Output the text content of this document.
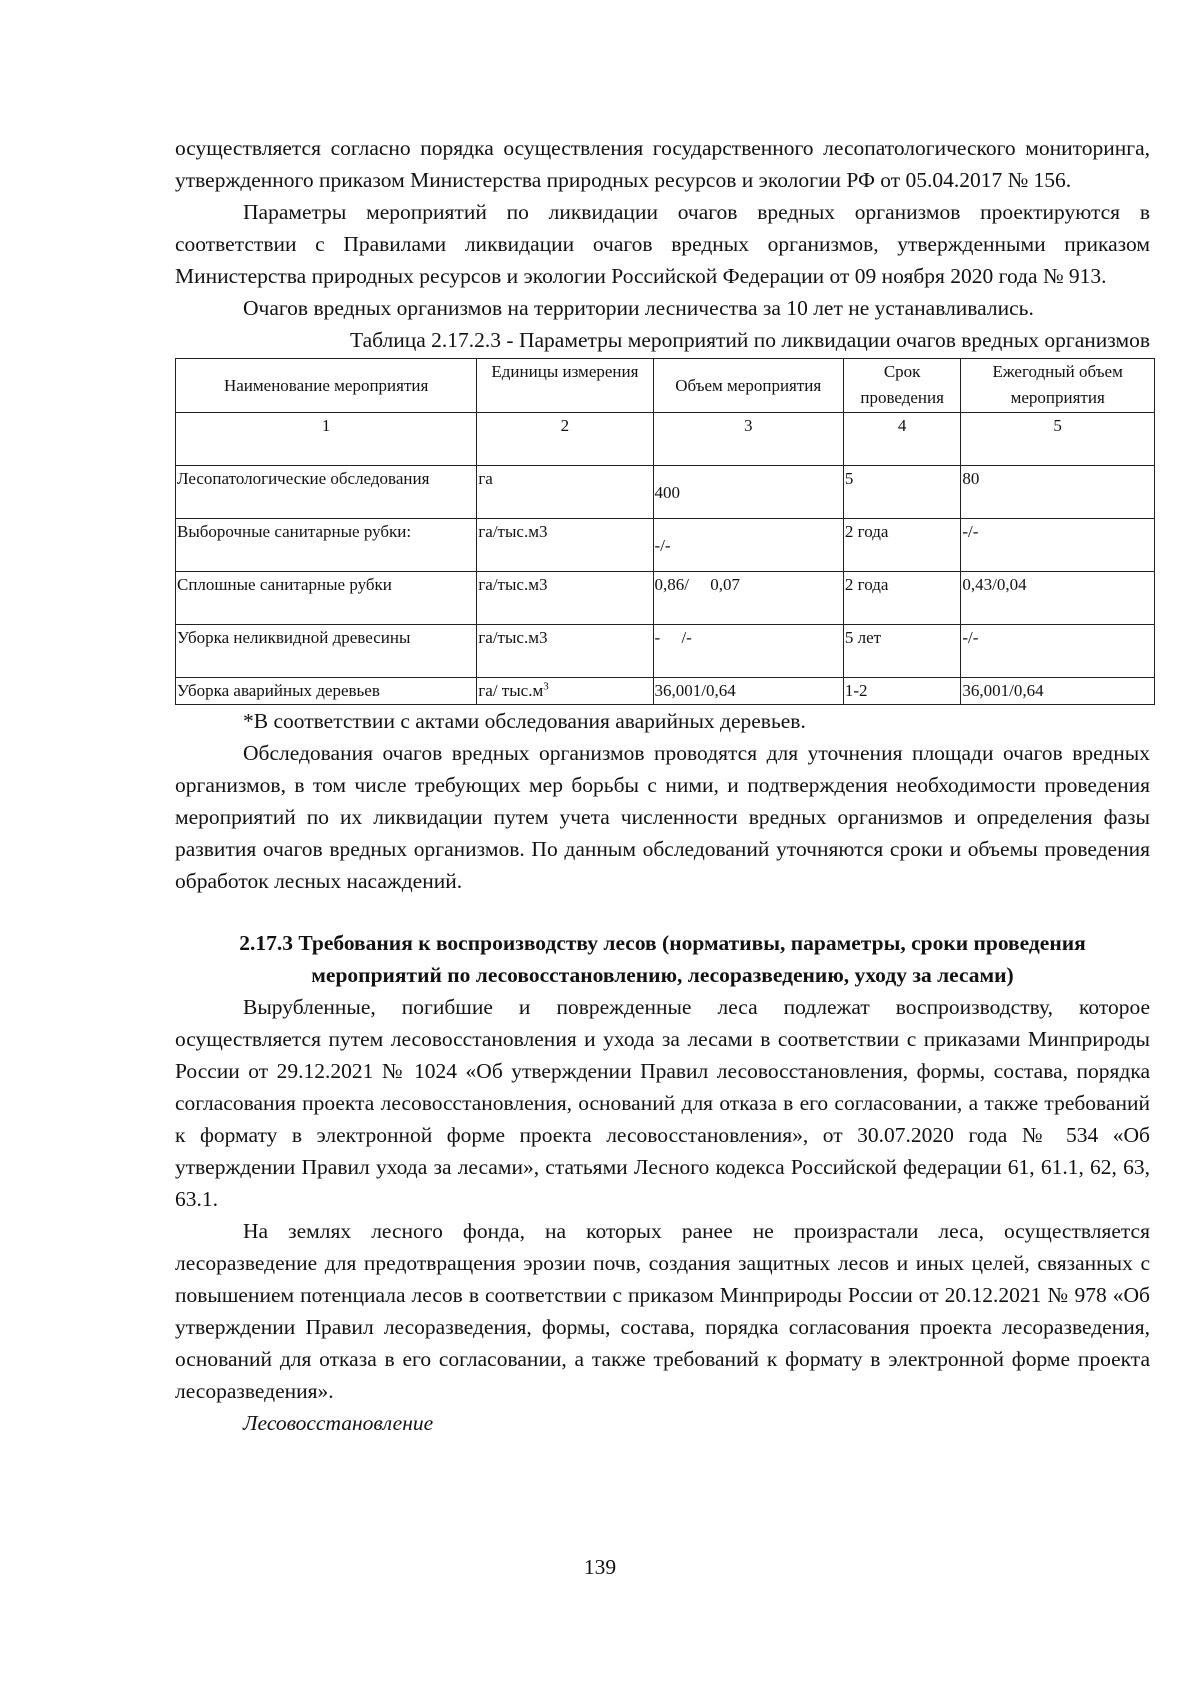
осуществляется согласно порядка осуществления государственного лесопатологического мониторинга, утвержденного приказом Министерства природных ресурсов и экологии РФ от 05.04.2017 № 156.

Параметры мероприятий по ликвидации очагов вредных организмов проектируются в соответствии с Правилами ликвидации очагов вредных организмов, утвержденными приказом Министерства природных ресурсов и экологии Российской Федерации от 09 ноября 2020 года № 913.

Очагов вредных организмов на территории лесничества за 10 лет не устанавливались.

Таблица 2.17.2.3 - Параметры мероприятий по ликвидации очагов вредных организмов

Наименование мероприятия	Единицы измерения	Объем мероприятия	Срок проведения	Ежегодный объем мероприятия
1	2	3	4	5
Лесопатологические обследования	га	400	5	80
Выборочные санитарные рубки:	га/тыс.м3	-/-	2 года	-/-
Сплошные санитарные рубки	га/тыс.м3	0,86/     0,07	2 года	0,43/0,04
Уборка неликвидной древесины	га/тыс.м3	-     /-	5 лет	-/-
Уборка аварийных деревьев	га/ $тыс.м^3$	36,001/0,64	1-2	36,001/0,64

*В соответствии с актами обследования аварийных деревьев.

Обследования очагов вредных организмов проводятся для уточнения площади очагов вредных организмов, в том числе требующих мер борьбы с ними, и подтверждения необходимости проведения мероприятий по их ликвидации путем учета численности вредных организмов и определения фазы развития очагов вредных организмов. По данным обследований уточняются сроки и объемы проведения обработок лесных насаждений.

2.17.3 Требования к воспроизводству лесов (нормативы, параметры, сроки проведения мероприятий по лесовосстановлению, лесоразведению, уходу за лесами)

Вырубленные, погибшие и поврежденные леса подлежат воспроизводству, которое осуществляется путем лесовосстановления и ухода за лесами в соответствии с приказами Минприроды России от 29.12.2021 № 1024 «Об утверждении Правил лесовосстановления, формы, состава, порядка согласования проекта лесовосстановления, оснований для отказа в его согласовании, а также требований к формату в электронной форме проекта лесовосстановления», от 30.07.2020 года № 534 «Об утверждении Правил ухода за лесами», статьями Лесного кодекса Российской федерации 61, 61.1, 62, 63, 63.1.

На землях лесного фонда, на которых ранее не произрастали леса, осуществляется лесоразведение для предотвращения эрозии почв, создания защитных лесов и иных целей, связанных с повышением потенциала лесов в соответствии с приказом Минприроды России от 20.12.2021 № 978 «Об утверждении Правил лесоразведения, формы, состава, порядка согласования проекта лесоразведения, оснований для отказа в его согласовании, а также требований к формату в электронной форме проекта лесоразведения».

Лесовосстановление

139
